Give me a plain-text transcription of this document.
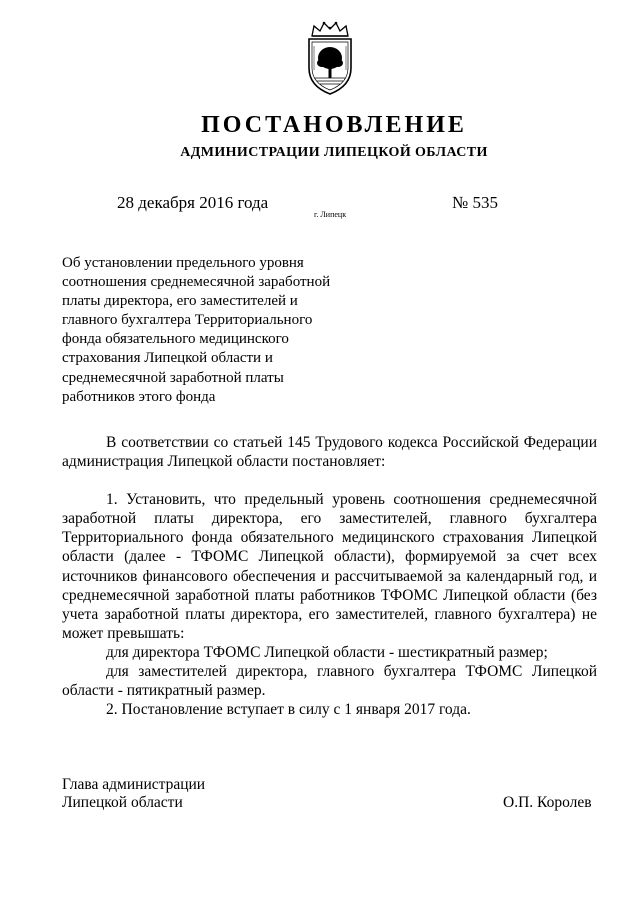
ПОСТАНОВЛЕНИЕ
АДМИНИСТРАЦИИ ЛИПЕЦКОЙ ОБЛАСТИ
28 декабря 2016 года
г. Липецк
№ 535
Об установлении предельного уровня
соотношения среднемесячной заработной
платы директора, его заместителей и
главного бухгалтера Территориального
фонда обязательного медицинского
страхования Липецкой области и
среднемесячной заработной платы
работников этого фонда

В соответствии со статьей 145 Трудового кодекса Российской Федерации администрация Липецкой области постановляет:

1. Установить, что предельный уровень соотношения среднемесячной заработной платы директора, его заместителей, главного бухгалтера Территориального фонда обязательного медицинского страхования Липецкой области (далее - ТФОМС Липецкой области), формируемой за счет всех источников финансового обеспечения и рассчитываемой за календарный год, и среднемесячной заработной платы работников ТФОМС Липецкой области (без учета заработной платы директора, его заместителей, главного бухгалтера) не может превышать:

для директора ТФОМС Липецкой области - шестикратный размер;

для заместителей директора, главного бухгалтера ТФОМС Липецкой области - пятикратный размер.

2. Постановление вступает в силу с 1 января 2017 года.

Глава администрации
Липецкой области	О.П. Королев
